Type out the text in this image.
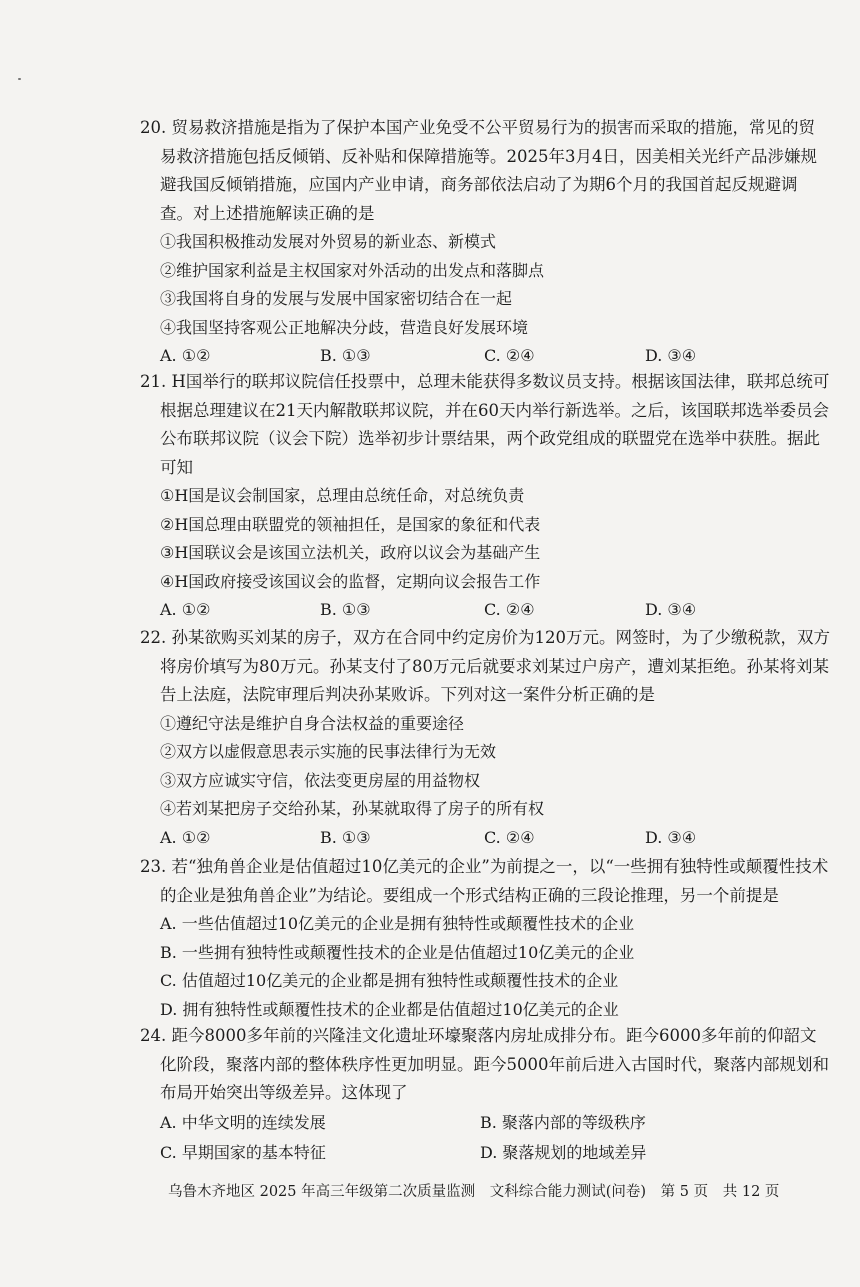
20. 贸易救济措施是指为了保护本国产业免受不公平贸易行为的损害而采取的措施，常见的贸易救济措施包括反倾销、反补贴和保障措施等。2025年3月4日，因美相关光纤产品涉嫌规避我国反倾销措施，应国内产业申请，商务部依法启动了为期6个月的我国首起反规避调查。对上述措施解读正确的是

①我国积极推动发展对外贸易的新业态、新模式

②维护国家利益是主权国家对外活动的出发点和落脚点

③我国将自身的发展与发展中国家密切结合在一起

④我国坚持客观公正地解决分歧，营造良好发展环境

A. ①②	B. ①③	C. ②④	D. ③④

21. H国举行的联邦议院信任投票中，总理未能获得多数议员支持。根据该国法律，联邦总统可根据总理建议在21天内解散联邦议院，并在60天内举行新选举。之后，该国联邦选举委员会公布联邦议院（议会下院）选举初步计票结果，两个政党组成的联盟党在选举中获胜。据此可知

①H国是议会制国家，总理由总统任命，对总统负责

②H国总理由联盟党的领袖担任，是国家的象征和代表

③H国联议会是该国立法机关，政府以议会为基础产生

④H国政府接受该国议会的监督，定期向议会报告工作

A. ①②	B. ①③	C. ②④	D. ③④

22. 孙某欲购买刘某的房子，双方在合同中约定房价为120万元。网签时，为了少缴税款，双方将房价填写为80万元。孙某支付了80万元后就要求刘某过户房产，遭刘某拒绝。孙某将刘某告上法庭，法院审理后判决孙某败诉。下列对这一案件分析正确的是

①遵纪守法是维护自身合法权益的重要途径

②双方以虚假意思表示实施的民事法律行为无效

③双方应诚实守信，依法变更房屋的用益物权

④若刘某把房子交给孙某，孙某就取得了房子的所有权

A. ①②	B. ①③	C. ②④	D. ③④

23. 若“独角兽企业是估值超过10亿美元的企业”为前提之一，以“一些拥有独特性或颠覆性技术的企业是独角兽企业”为结论。要组成一个形式结构正确的三段论推理，另一个前提是

A. 一些估值超过10亿美元的企业是拥有独特性或颠覆性技术的企业

B. 一些拥有独特性或颠覆性技术的企业是估值超过10亿美元的企业

C. 估值超过10亿美元的企业都是拥有独特性或颠覆性技术的企业

D. 拥有独特性或颠覆性技术的企业都是估值超过10亿美元的企业

24. 距今8000多年前的兴隆洼文化遗址环壕聚落内房址成排分布。距今6000多年前的仰韶文化阶段，聚落内部的整体秩序性更加明显。距今5000年前后进入古国时代，聚落内部规划和布局开始突出等级差异。这体现了

A. 中华文明的连续发展	B. 聚落内部的等级秩序
C. 早期国家的基本特征	D. 聚落规划的地域差异
乌鲁木齐地区 2025 年高三年级第二次质量监测 文科综合能力测试(问卷) 第 5 页 共 12 页
